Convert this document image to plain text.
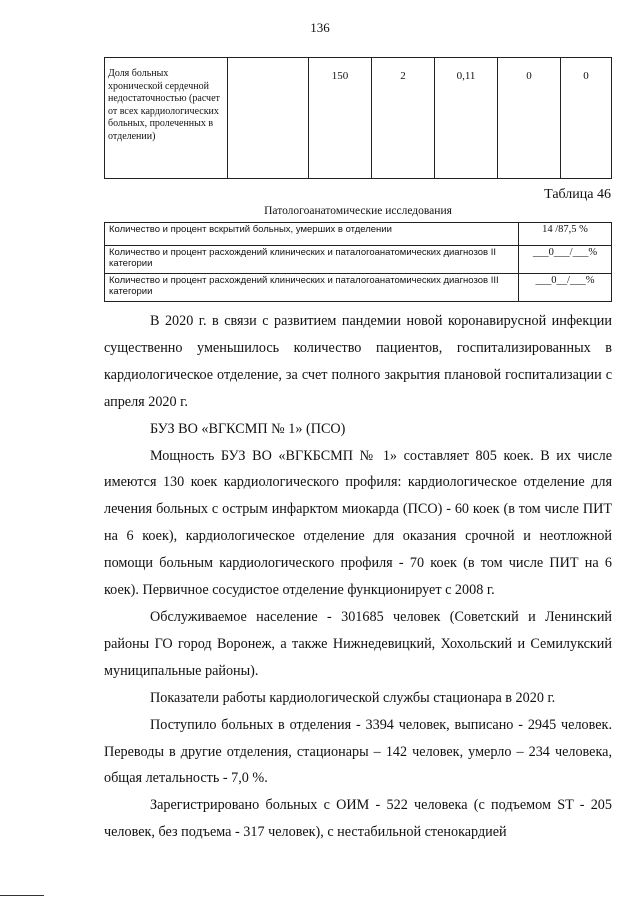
136
Доля больных хронической сердечной недостаточностью (расчет от всех кардиологических больных, пролеченных в отделении)		150	2	0,11	0	0
Таблица 46
Патологоанатомические исследования
Количество и процент вскрытий больных, умерших в отделении	14 /87,5 %
Количество и процент расхождений клинических и паталогоанатомических диагнозов II категории	___0___/___%
Количество и процент расхождений клинических и паталогоанатомических диагнозов III категории	___0__/___%

В 2020 г. в связи с развитием пандемии новой коронавирусной инфекции существенно уменьшилось количество пациентов, госпитализированных в кардиологическое отделение, за счет полного закрытия плановой госпитализации с апреля 2020 г.

БУЗ ВО «ВГКСМП № 1» (ПСО)

Мощность БУЗ ВО «ВГКБСМП № 1» составляет 805 коек. В их числе имеются 130 коек кардиологического профиля: кардиологическое отделение для лечения больных с острым инфарктом миокарда (ПСО) - 60 коек (в том числе ПИТ на 6 коек), кардиологическое отделение для оказания срочной и неотложной помощи больным кардиологического профиля - 70 коек (в том числе ПИТ на 6 коек). Первичное сосудистое отделение функционирует с 2008 г.

Обслуживаемое население - 301685 человек (Советский и Ленинский районы ГО город Воронеж, а также Нижнедевицкий, Хохольский и Семилукский муниципальные районы).

Показатели работы кардиологической службы стационара в 2020 г.

Поступило больных в отделения - 3394 человек, выписано - 2945 человек. Переводы в другие отделения, стационары – 142 человек, умерло – 234 человека, общая летальность - 7,0 %.

Зарегистрировано больных с ОИМ - 522 человека (с подъемом ST - 205 человек, без подъема - 317 человек), с нестабильной стенокардией
